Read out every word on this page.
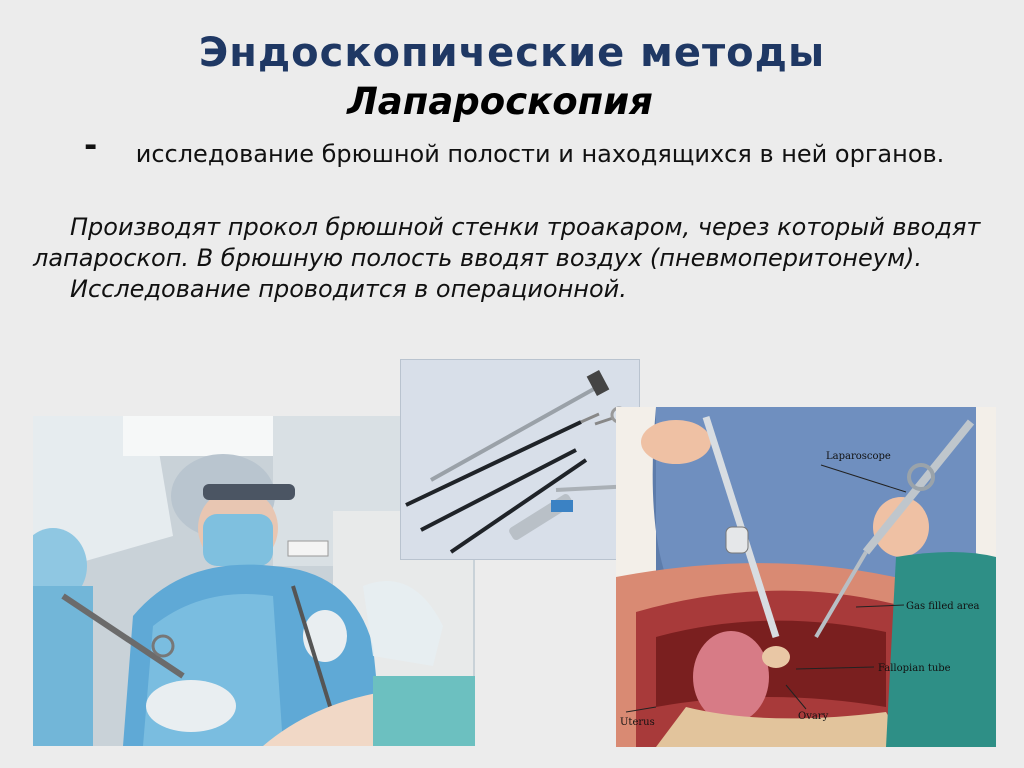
Эндоскопические методы
Лапароскопия
-	исследование брюшной полости и находящихся в ней органов.
Производят прокол брюшной стенки троакаром, через который вводят лапароскоп. В брюшную полость вводят воздух (пневмоперитонеум).
Исследование проводится в операционной.
Laparoscope
Gas filled area
Fallopian tube
Ovary
Uterus
